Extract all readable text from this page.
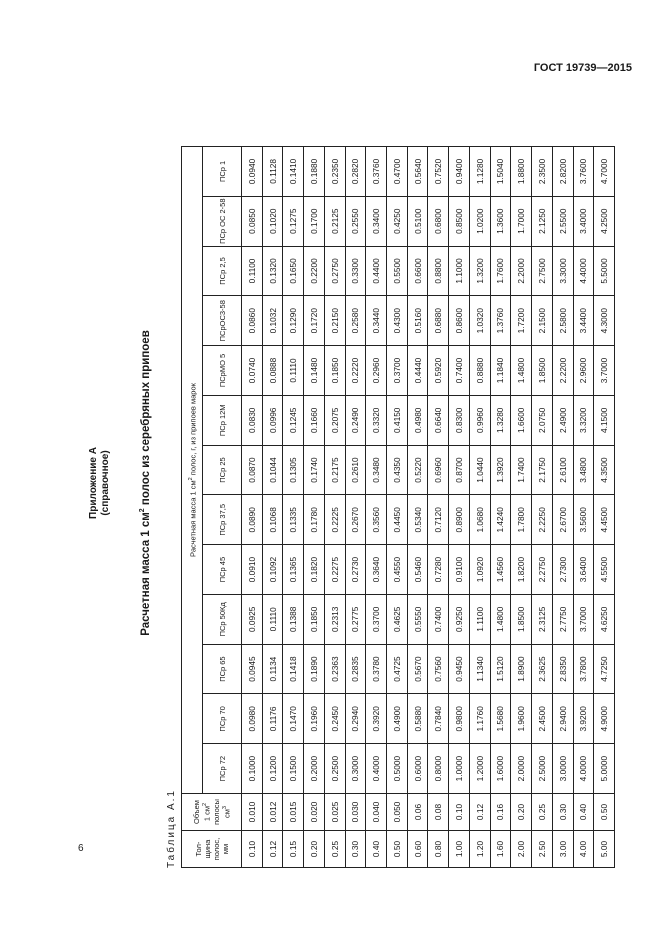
ГОСТ 19739—2015
Приложение А (справочное)
Расчетная масса 1 $см^2$ полос из серебряных припоев
Таблица А.1 Тол-
щина
полос,
мм	Объем
1 $см^2$
полосы
$см^3$	Расчетная масса 1 $см^2$ полос, г, из припоев марок												
		ПСр 72	ПСр 70	ПСр 65	ПСр 50Кд	ПСр 45	ПСр 37,5	ПСр 25	ПСр 12М	ПСрМО 5	ПСрОС3-58	ПСр 2,5	ПСр ОС 2-58	ПСр 1
0.10	0.010	0.1000	0.0980	0.0945	0.0925	0.0910	0.0890	0.0870	0.0830	0.0740	0.0860	0.1100	0.0850	0.0940
0.12	0.012	0.1200	0.1176	0.1134	0.1110	0.1092	0.1068	0.1044	0.0996	0.0888	0.1032	0.1320	0.1020	0.1128
0.15	0.015	0.1500	0.1470	0.1418	0.1388	0.1365	0.1335	0.1305	0.1245	0.1110	0.1290	0.1650	0.1275	0.1410
0.20	0.020	0.2000	0.1960	0.1890	0.1850	0.1820	0.1780	0.1740	0.1660	0.1480	0.1720	0.2200	0.1700	0.1880
0.25	0.025	0.2500	0.2450	0.2363	0.2313	0.2275	0.2225	0.2175	0.2075	0.1850	0.2150	0.2750	0.2125	0.2350
0.30	0.030	0.3000	0.2940	0.2835	0.2775	0.2730	0.2670	0.2610	0.2490	0.2220	0.2580	0.3300	0.2550	0.2820
0.40	0.040	0.4000	0.3920	0.3780	0.3700	0.3640	0.3560	0.3480	0.3320	0.2960	0.3440	0.4400	0.3400	0.3760
0.50	0.050	0.5000	0.4900	0.4725	0.4625	0.4550	0.4450	0.4350	0.4150	0.3700	0.4300	0.5500	0.4250	0.4700
0.60	0.06	0.6000	0.5880	0.5670	0.5550	0.5460	0.5340	0.5220	0.4980	0.4440	0.5160	0.6600	0.5100	0.5640
0.80	0.08	0.8000	0.7840	0.7560	0.7400	0.7280	0.7120	0.6960	0.6640	0.5920	0.6880	0.8800	0.6800	0.7520
1.00	0.10	1.0000	0.9800	0.9450	0.9250	0.9100	0.8900	0.8700	0.8300	0.7400	0.8600	1.1000	0.8500	0.9400
1.20	0.12	1.2000	1.1760	1.1340	1.1100	1.0920	1.0680	1.0440	0.9960	0.8880	1.0320	1.3200	1.0200	1.1280
1.60	0.16	1.6000	1.5680	1.5120	1.4800	1.4560	1.4240	1.3920	1.3280	1.1840	1.3760	1.7600	1.3600	1.5040
2.00	0.20	2.0000	1.9600	1.8900	1.8500	1.8200	1.7800	1.7400	1.6600	1.4800	1.7200	2.2000	1.7000	1.8800
2.50	0.25	2.5000	2.4500	2.3625	2.3125	2.2750	2.2250	2.1750	2.0750	1.8500	2.1500	2.7500	2.1250	2.3500
3.00	0.30	3.0000	2.9400	2.8350	2.7750	2.7300	2.6700	2.6100	2.4900	2.2200	2.5800	3.3000	2.5500	2.8200
4.00	0.40	4.0000	3.9200	3.7800	3.7000	3.6400	3.5600	3.4800	3.3200	2.9600	3.4400	4.4000	3.4000	3.7600
5.00	0.50	5.0000	4.9000	4.7250	4.6250	4.5500	4.4500	4.3500	4.1500	3.7000	4.3000	5.5000	4.2500	4.7000
6
